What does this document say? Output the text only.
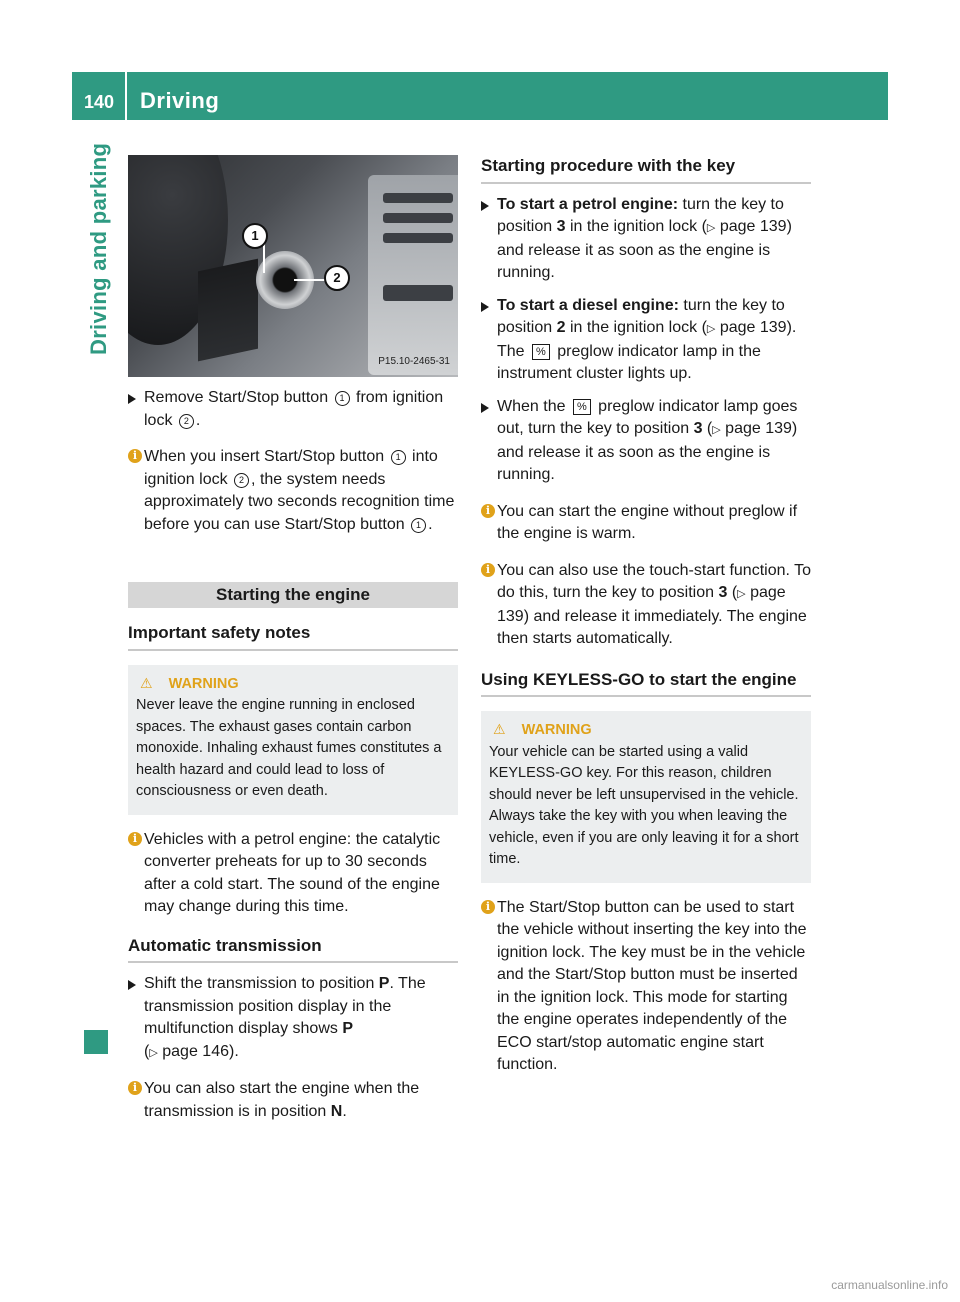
140 Driving
Driving and parking	1
2
P15.10-2465-31
Remove Start/Stop button 1 from ignition lock 2 .
i When you insert Start/Stop button 1 into ignition lock 2 , the system needs approximately two seconds recognition time before you can use Start/Stop button 1 .
Starting the engine
Important safety notes
⚠ WARNING
Never leave the engine running in enclosed spaces. The exhaust gases contain carbon monoxide. Inhaling exhaust fumes constitutes a health hazard and could lead to loss of consciousness or even death.
i Vehicles with a petrol engine: the catalytic converter preheats for up to 30 seconds after a cold start. The sound of the engine may change during this time.
Automatic transmission
Shift the transmission to position P. The transmission position display in the multifunction display shows P
(▷ page 146).
i You can also start the engine when the transmission is in position N.
Starting procedure with the key
To start a petrol engine: turn the key to position 3 in the ignition lock (▷ page 139) and release it as soon as the engine is running.
To start a diesel engine: turn the key to position 2 in the ignition lock (▷ page 139). The % preglow indicator lamp in the instrument cluster lights up.
When the % preglow indicator lamp goes out, turn the key to position 3 (▷ page 139) and release it as soon as the engine is running.
i You can start the engine without preglow if the engine is warm.
i You can also use the touch-start function. To do this, turn the key to position 3 (▷ page 139) and release it immediately. The engine then starts automatically.
Using KEYLESS-GO to start the engine
⚠ WARNING
Your vehicle can be started using a valid KEYLESS-GO key. For this reason, children should never be left unsupervised in the vehicle. Always take the key with you when leaving the vehicle, even if you are only leaving it for a short time.
i The Start/Stop button can be used to start the vehicle without inserting the key into the ignition lock. The key must be in the vehicle and the Start/Stop button must be inserted in the ignition lock. This mode for starting the engine operates independently of the ECO start/stop automatic engine start function.
carmanualsonline.info
